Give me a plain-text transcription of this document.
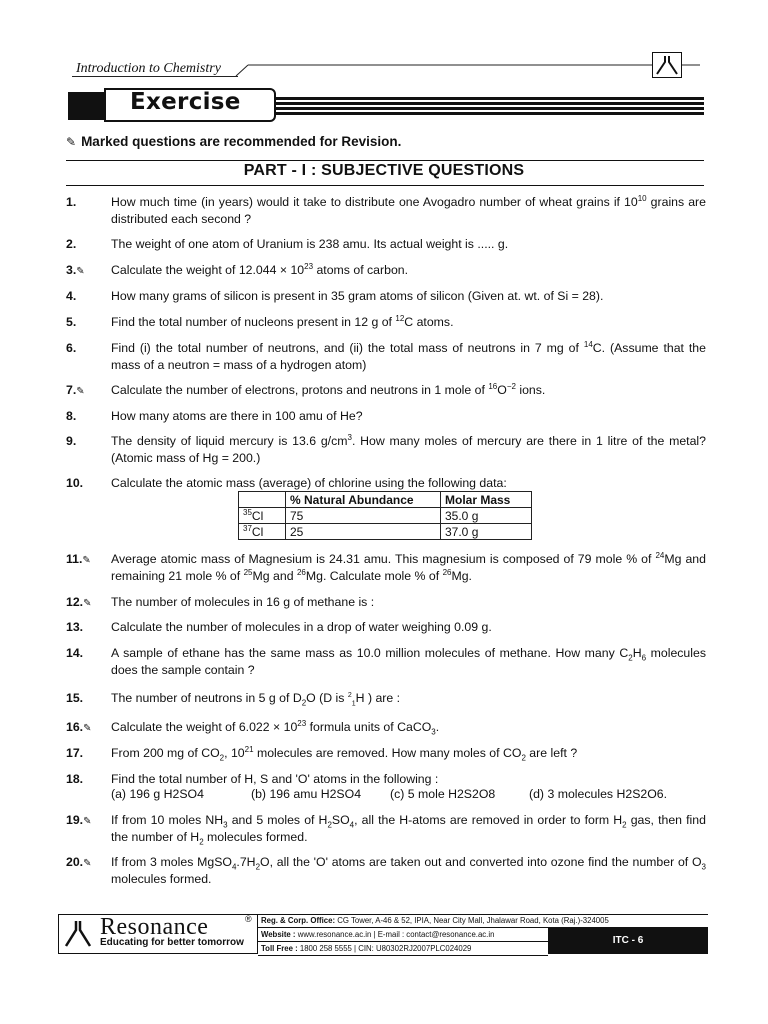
Introduction to Chemistry
Exercise
✎ Marked questions are recommended for Revision.
PART - I : SUBJECTIVE QUESTIONS
1.	How much time (in years) would it take to distribute one Avogadro number of wheat grains if $10^{10}$ grains are distributed each second ?
2.	The weight of one atom of Uranium is 238 amu. Its actual weight is ..... g.
3.✎	Calculate the weight of $12.044 \times 10^{23}$ atoms of carbon.
4.	How many grams of silicon is present in 35 gram atoms of silicon (Given at. wt. of Si = 28).
5.	Find the total number of nucleons present in 12 g of $^{12}$C atoms.
6.	Find (i) the total number of neutrons, and (ii) the total mass of neutrons in 7 mg of $^{14}$C. (Assume that the mass of a neutron = mass of a hydrogen atom)
7.✎	Calculate the number of electrons, protons and neutrons in 1 mole of $^{16}O^{-2}$ ions.
8.	How many atoms are there in 100 amu of He?
9.	The density of liquid mercury is 13.6 $g/cm^3$. How many moles of mercury are there in 1 litre of the metal? (Atomic mass of Hg = 200.)
10.	Calculate the atomic mass (average) of chlorine using the following data:
	% Natural Abundance	Molar Mass
$^{35}$Cl	75	35.0 g
$^{37}$Cl	25	37.0 g
11.✎	Average atomic mass of Magnesium is 24.31 amu. This magnesium is composed of 79 mole % of $^{24}$Mg and remaining 21 mole % of $^{25}$Mg and $^{26}$Mg. Calculate mole % of $^{26}$Mg.
12.✎	The number of molecules in 16 g of methane is :
13.	Calculate the number of molecules in a drop of water weighing 0.09 g.
14.	A sample of ethane has the same mass as 10.0 million molecules of methane. How many $C_2H_6$ molecules does the sample contain ?
15.	The number of neutrons in 5 g of $D_2O$ (D is $^2_1$H ) are :
16.✎	Calculate the weight of $6.022 \times 10^{23}$ formula units of CaCO$_3$.
17.	From 200 mg of $CO_2$, $10^{21}$ molecules are removed. How many moles of $CO_2$ are left ?
18.	Find the total number of H, S and 'O' atoms in the following :
(a) 196 g H2SO4	(b) 196 amu H2SO4 (c) 5 mole H2S2O8	(d) 3 molecules H2S2O6.
19.✎	If from 10 moles $NH_3$ and 5 moles of $H_2SO_4$, all the H-atoms are removed in order to form $H_2$ gas, then find the number of $H_2$ molecules formed.
20.✎	If from 3 moles $MgSO_4.7H_2O$, all the 'O' atoms are taken out and converted into ozone find the number of $O_3$ molecules formed.
Resonance	®
Educating for better tomorrow
Reg. & Corp. Office: CG Tower, A-46 & 52, IPIA, Near City Mall, Jhalawar Road, Kota (Raj.)-324005
Website : www.resonance.ac.in | E-mail : contact@resonance.ac.in
Toll Free : 1800 258 5555 | CIN: U80302RJ2007PLC024029
ITC - 6
